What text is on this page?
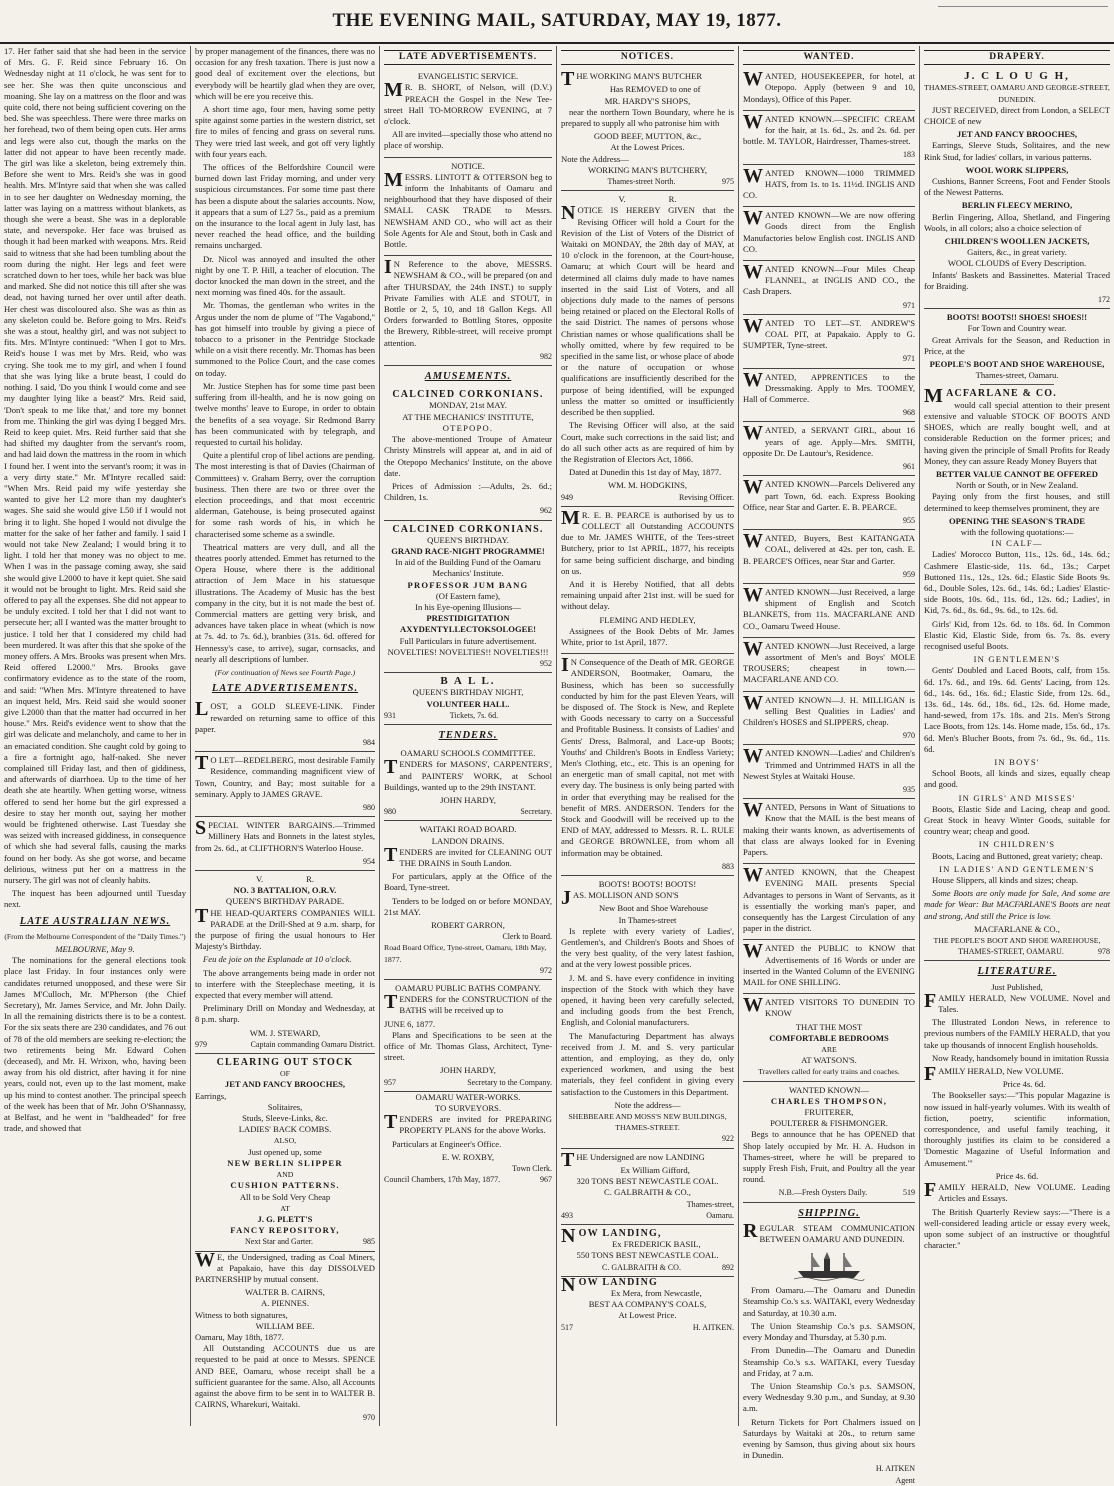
THE EVENING MAIL, SATURDAY, MAY 19, 1877.

17. Her father said that she had been in the service of Mrs. G. F. Reid since February 16. On Wednesday night at 11 o'clock, he was sent for to see her. She was then quite unconscious and moaning. She lay on a mattress on the floor and was quite cold, there not being sufficient covering on the bed. She was speechless. There were three marks on her forehead, two of them being open cuts. Her arms and legs were also cut, though the marks on the latter did not appear to have been recently made. The girl was like a skeleton, being extremely thin. Before she went to Mrs. Reid's she was in good health. Mrs. M'Intyre said that when she was called in to see her daughter on Wednesday morning, the latter was laying on a mattress without blankets, as though she were a beast. She was in a deplorable state, and neverspoke. Her face was bruised as though it had been marked with weapons. Mrs. Reid said to witness that she had been tumbling about the room during the night. Her legs and feet were scratched down to her toes, while her back was blue and marked. She did not notice this till after she was dead, not having turned her over until after death. Her chest was discoloured also. She was as thin as any skeleton could be. Before going to Mrs. Reid's she was a stout, healthy girl, and was not subject to fits. Mrs. M'Intyre continued: "When I got to Mrs. Reid's house I was met by Mrs. Reid, who was crying. She took me to my girl, and when I found that she was lying like a brute beast, I could do nothing. I said, 'Do you think I would come and see my daughter lying like a beast?' Mrs. Reid said, 'Don't speak to me like that,' and tore my bonnet from me. Thinking the girl was dying I begged Mrs. Reid to keep quiet. Mrs. Reid further said that she had shifted my daughter from the servant's room, and had laid down the mattress in the room in which I found her. I went into the servant's room; it was in a very dirty state." Mr. M'Intyre recalled said: "When Mrs. Reid paid my wife yesterday she wanted to give her L2 more than my daughter's wages. She said she would give L50 if I would not bring it to light. She hoped I would not divulge the matter for the sake of her father and family. I said I would not take New Zealand; I would bring it to light. I told her that money was no object to me. When I was in the passage coming away, she said she would give L2000 to have it kept quiet. She said it would not be brought to light. Mrs. Reid said she offered to pay all the expenses. She did not appear to be unduly excited. I told her that I did not want to persecute her; all I wanted was the matter brought to justice. I told her that I considered my child had been murdered. It was after this that she spoke of the money offers. A Mrs. Brooks was present when Mrs. Reid offered L2000." Mrs. Brooks gave confirmatory evidence as to the state of the room, and said: "When Mrs. M'Intyre threatened to have an inquest held, Mrs. Reid said she would sooner give L2000 than that the matter had occurred in her house." Mrs. Reid's evidence went to show that the girl was delicate and melancholy, and came to her in an emaciated condition. She caught cold by going to a fire a fortnight ago, half-naked. She never complained till Friday last, and then of giddiness, and afterwards of diarrhoea. Up to the time of her death she ate heartily. When getting worse, witness offered to send her home but the girl expressed a desire to stay her month out, saying her mother would be frightened otherwise. Last Tuesday she was seized with increased giddiness, in consequence of which she had several falls, causing the marks found on her body. As she got worse, and became delirious, witness put her on a mattress in the nursery. The girl was not of cleanly habits.

The inquest has been adjourned until Tuesday next.

LATE AUSTRALIAN NEWS.
(From the Melbourne Correspondent of the "Daily Times.")

MELBOURNE, May 9.

The nominations for the general elections took place last Friday. In four instances only were candidates returned unopposed, and these were Sir James M'Culloch, Mr. M'Pherson (the Chief Secretary), Mr. James Service, and Mr. John Daily. In all the remaining districts there is to be a contest. For the six seats there are 230 candidates, and 76 out of 78 of the old members are seeking re-election; the two retirements being Mr. Edward Cohen (deceased), and Mr. H. Wrixon, who, having been away from his old district, after having it for nine years, could not, even up to the last moment, make up his mind to contest another. The principal speech of the week has been that of Mr. John O'Shannassy, at Belfast, and he went in "baldheaded" for free trade, and showed that

by proper management of the finances, there was no occasion for any fresh taxation. There is just now a good deal of excitement over the elections, but everybody will be heartily glad when they are over, which will be ere you receive this.

A short time ago, four men, having some petty spite against some parties in the western district, set fire to miles of fencing and grass on several runs. They were tried last week, and got off very lightly with four years each.

The offices of the Belfordshire Council were burned down last Friday morning, and under very suspicious circumstances. For some time past there has been a dispute about the salaries accounts. Now, it appears that a sum of L27 5s., paid as a premium on the insurance to the local agent in July last, has never reached the head office, and the building remains uncharged.

Dr. Nicol was annoyed and insulted the other night by one T. P. Hill, a teacher of elocution. The doctor knocked the man down in the street, and the next morning was fined 40s. for the assault.

Mr. Thomas, the gentleman who writes in the Argus under the nom de plume of "The Vagabond," has got himself into trouble by giving a piece of tobacco to a prisoner in the Pentridge Stockade while on a visit there recently. Mr. Thomas has been summoned to the Police Court, and the case comes on today.

Mr. Justice Stephen has for some time past been suffering from ill-health, and he is now going on twelve months' leave to Europe, in order to obtain the benefits of a sea voyage. Sir Redmond Barry has been communicated with by telegraph, and requested to curtail his holiday.

Quite a plentiful crop of libel actions are pending. The most interesting is that of Davies (Chairman of Committees) v. Graham Berry, over the corruption business. Then there are two or three over the election proceedings, and that most eccentric alderman, Gatehouse, is being prosecuted against for some rash words of his, in which he characterised some scheme as a swindle.

Theatrical matters are very dull, and all the theatres poorly attended. Emmet has returned to the Opera House, where there is the additional attraction of Jem Mace in his statuesque illustrations. The Academy of Music has the best company in the city, but it is not made the best of. Commercial matters are getting very brisk, and advances have taken place in wheat (which is now at 7s. 4d. to 7s. 6d.), branbies (31s. 6d. offered for Hennessy's case, to arrive), sugar, cornsacks, and nearly all descriptions of lumber.

(For continuation of News see Fourth Page.)

LATE ADVERTISEMENTS.

LOST, a GOLD SLEEVE-LINK. Finder rewarded on returning same to office of this paper.

984

TO LET—REDELBERG, most desirable Family Residence, commanding magnificent view of Town, Country, and Bay; most suitable for a seminary. Apply to JAMES GRAVE.

980

SPECIAL WINTER BARGAINS.—Trimmed Millinery Hats and Bonnets in the latest styles, from 2s. 6d., at CLIFTHORN'S Waterloo House.

954

V.                    R.

NO. 3 BATTALION, O.R.V.

QUEEN'S BIRTHDAY PARADE.

THE HEAD-QUARTERS COMPANIES WILL PARADE at the Drill-Shed at 9 a.m. sharp, for the purpose of firing the usual honours to Her Majesty's Birthday.

Feu de joie on the Esplanade at 10 o'clock.

The above arrangements being made in order not to interfere with the Steeplechase meeting, it is expected that every member will attend.

Preliminary Drill on Monday and Wednesday, at 8 p.m. sharp.

WM. J. STEWARD,

979	Captain commanding Oamaru District.

CLEARING OUT STOCK

OF

JET AND FANCY BROOCHES,

Earrings,

Solitaires,

Studs, Sleeve-Links, &c.

LADIES' BACK COMBS.

ALSO,

Just opened up, some

NEW BERLIN SLIPPER

AND

CUSHION PATTERNS.

All to be Sold Very Cheap

AT

J. G. PLETT'S

FANCY REPOSITORY,

Next Star and Garter.	985

WE, the Undersigned, trading as Coal Miners, at Papakaio, have this day DISSOLVED PARTNERSHIP by mutual consent.

WALTER B. CAIRNS,

A. PIENNES.

Witness to both signatures,

WILLIAM BEE.

Oamaru, May 18th, 1877.

All Outstanding ACCOUNTS due us are requested to be paid at once to Messrs. SPENCE AND BEE, Oamaru, whose receipt shall be a sufficient guarantee for the same. Also, all Accounts against the above firm to be sent in to WALTER B. CAIRNS, Wharekuri, Waitaki.

970

LATE ADVERTISEMENTS.

EVANGELISTIC SERVICE.

MR. B. SHORT, of Nelson, will (D.V.) PREACH the Gospel in the New Tee-street Hall TO-MORROW EVENING, at 7 o'clock.

All are invited—specially those who attend no place of worship.

NOTICE.

MESSRS. LINTOTT & OTTERSON beg to inform the Inhabitants of Oamaru and neighbourhood that they have disposed of their SMALL CASK TRADE to Messrs. NEWSHAM AND CO., who will act as their Sole Agents for Ale and Stout, both in Cask and Bottle.

IN Reference to the above, MESSRS. NEWSHAM & CO., will be prepared (on and after THURSDAY, the 24th INST.) to supply Private Families with ALE and STOUT, in Bottle or 2, 5, 10, and 18 Gallon Kegs. All Orders forwarded to Bottling Stores, opposite the Brewery, Ribble-street, will receive prompt attention.

982

AMUSEMENTS.

CALCINED CORKONIANS.

MONDAY, 21st MAY.

AT THE MECHANICS' INSTITUTE,

OTEPOPO.

The above-mentioned Troupe of Amateur Christy Minstrels will appear at, and in aid of the Otepopo Mechanics' Institute, on the above date.

Prices of Admission :—Adults, 2s. 6d.; Children, 1s.

962

CALCINED CORKONIANS.

QUEEN'S BIRTHDAY.

GRAND RACE-NIGHT PROGRAMME!

In aid of the Building Fund of the Oamaru Mechanics' Institute.

PROFESSOR JUM BANG

(Of Eastern fame),

In his Eye-opening Illusions—

PRESTIDIGITATION

AXYDENTYLLECTOKSOLOGEE!

Full Particulars in future advertisement.

NOVELTIES! NOVELTIES!! NOVELTIES!!!

952

B A L L.

QUEEN'S BIRTHDAY NIGHT,

VOLUNTEER HALL.

931	Tickets, 7s. 6d.
TENDERS.

OAMARU SCHOOLS COMMITTEE.

TENDERS for MASONS', CARPENTERS', and PAINTERS' WORK, at School Buildings, wanted up to the 29th INSTANT.

JOHN HARDY,

980	Secretary.

WAITAKI ROAD BOARD.

LANDON DRAINS.

TENDERS are invited for CLEANING OUT THE DRAINS in South Landon.

For particulars, apply at the Office of the Board, Tyne-street.

Tenders to be lodged on or before MONDAY, 21st MAY.

ROBERT GARRON,

Clerk to Board.

Road Board Office, Tyne-street, Oamaru, 18th May, 1877.

972

OAMARU PUBLIC BATHS COMPANY.

TENDERS for the CONSTRUCTION of the BATHS will be received up to

JUNE 6, 1877.

Plans and Specifications to be seen at the office of Mr. Thomas Glass, Architect, Tyne-street.

JOHN HARDY,

957	Secretary to the Company.

OAMARU WATER-WORKS.

TO SURVEYORS.

TENDERS are invited for PREPARING PROPERTY PLANS for the above Works.

Particulars at Engineer's Office.

E. W. ROXBY,

Town Clerk.

Council Chambers, 17th May, 1877.	967
NOTICES.

THE WORKING MAN'S BUTCHER

Has REMOVED to one of

MR. HARDY'S SHOPS,

near the northern Town Boundary, where he is prepared to supply all who patronise him with

GOOD BEEF, MUTTON, &c.,

At the Lowest Prices.

Note the Address—

WORKING MAN'S BUTCHERY,

Thames-street North.	975

V.                    R.

NOTICE IS HEREBY GIVEN that the Revising Officer will hold a Court for the Revision of the List of Voters of the District of Waitaki on MONDAY, the 28th day of MAY, at 10 o'clock in the forenoon, at the Court-house, Oamaru; at which Court will be heard and determined all claims duly made to have names inserted in the said List of Voters, and all objections duly made to the names of persons being retained or placed on the Electoral Rolls of the said District. The names of persons whose Christian names or whose qualifications shall be wholly omitted, where by few required to be specified in the same list, or whose place of abode or the nature of occupation or whose qualifications are insufficiently described for the purpose of being identified, will be expunged unless the matter so omitted or insufficiently described be then supplied.

The Revising Officer will also, at the said Court, make such corrections in the said list; and do all such other acts as are required of him by the Registration of Electors Act, 1866.

Dated at Dunedin this 1st day of May, 1877.

WM. M. HODGKINS,

949	Revising Officer.

MR. E. B. PEARCE is authorised by us to COLLECT all Outstanding ACCOUNTS due to Mr. JAMES WHITE, of the Tees-street Butchery, prior to 1st APRIL, 1877, his receipts for same being sufficient discharge, and binding on us.

And it is Hereby Notified, that all debts remaining unpaid after 21st inst. will be sued for without delay.

FLEMING AND HEDLEY,

Assignees of the Book Debts of Mr. James White, prior to 1st April, 1877.

IN Consequence of the Death of MR. GEORGE ANDERSON, Bootmaker, Oamaru, the Business, which has been so successfully conducted by him for the past Eleven Years, will be disposed of. The Stock is New, and Replete with Goods necessary to carry on a Successful and Profitable Business. It consists of Ladies' and Gents' Dress, Balmoral, and Lace-up Boots; Youths' and Children's Boots in Endless Variety; Men's Clothing, etc., etc. This is an opening for an energetic man of small capital, not met with every day. The business is only being parted with in order that everything may be realised for the benefit of MRS. ANDERSON. Tenders for the Stock and Goodwill will be received up to the END of MAY, addressed to Messrs. R. L. RULE and GEORGE BROWNLEE, from whom all information may be obtained.

883

BOOTS! BOOTS! BOOTS!

JAS. MOLLISON AND SON'S

New Boot and Shoe Warehouse

In Thames-street

Is replete with every variety of Ladies', Gentlemen's, and Children's Boots and Shoes of the very best quality, of the very latest fashion, and at the very lowest possible prices.

J. M. and S. have every confidence in inviting inspection of the Stock with which they have opened, it having been very carefully selected, and including goods from the best French, English, and Colonial manufacturers.

The Manufacturing Department has always received from J. M. and S. very particular attention, and employing, as they do, only experienced workmen, and using the best materials, they feel confident in giving every satisfaction to the Customers in this Department.

Note the address—

SHEBBEARE AND MOSS'S NEW BUILDINGS, THAMES-STREET.

922

THE Undersigned are now LANDING

Ex William Gifford,

320 TONS BEST NEWCASTLE COAL.

C. GALBRAITH & CO.,

Thames-street,

493	Oamaru.

NOW LANDING,

Ex FREDERICK BASIL,

550 TONS BEST NEWCASTLE COAL.

C. GALBRAITH & CO.	892

NOW LANDING

Ex Mera, from Newcastle,

BEST AA COMPANY'S COALS,

At Lowest Price.

517	H. AITKEN.
WANTED.

WANTED, HOUSEKEEPER, for hotel, at Otepopo. Apply (between 9 and 10, Mondays), Office of this Paper.

WANTED KNOWN.—SPECIFIC CREAM for the hair, at 1s. 6d., 2s. and 2s. 6d. per bottle. M. TAYLOR, Hairdresser, Thames-street.

183

WANTED KNOWN—1000 TRIMMED HATS, from 1s. to 1s. 11½d. INGLIS AND CO.

WANTED KNOWN—We are now offering Goods direct from the English Manufactories below English cost. INGLIS AND CO.

WANTED KNOWN—Four Miles Cheap FLANNEL, at INGLIS AND CO., the Cash Drapers.

971

WANTED TO LET—ST. ANDREW'S COAL PIT, at Papakaio. Apply to G. SUMPTER, Tyne-street.

971

WANTED, APPRENTICES to the Dressmaking. Apply to Mrs. TOOMEY, Hall of Commerce.

968

WANTED, a SERVANT GIRL, about 16 years of age. Apply—Mrs. SMITH, opposite Dr. De Lautour's, Residence.

961

WANTED KNOWN—Parcels Delivered any part Town, 6d. each. Express Booking Office, near Star and Garter. E. B. PEARCE.

955

WANTED, Buyers, Best KAITANGATA COAL, delivered at 42s. per ton, cash. E. B. PEARCE'S Offices, near Star and Garter.

959

WANTED KNOWN—Just Received, a large shipment of English and Scotch BLANKETS, from 11s. MACFARLANE AND CO., Oamaru Tweed House.

WANTED KNOWN—Just Received, a large assortment of Men's and Boys' MOLE TROUSERS; cheapest in town.—MACFARLANE AND CO.

WANTED KNOWN—J. H. MILLIGAN is selling Best Qualities in Ladies' and Children's HOSES and SLIPPERS, cheap.

970

WANTED KNOWN—Ladies' and Children's Trimmed and Untrimmed HATS in all the Newest Styles at Waitaki House.

935

WANTED, Persons in Want of Situations to Know that the MAIL is the best means of making their wants known, as advertisements of that class are always looked for in Evening Papers.

WANTED KNOWN, that the Cheapest EVENING MAIL presents Special Advantages to persons in Want of Servants, as it is essentially the working man's paper, and consequently has the Largest Circulation of any paper in the district.

WANTED the PUBLIC to KNOW that Advertisements of 16 Words or under are inserted in the Wanted Column of the EVENING MAIL for ONE SHILLING.

WANTED VISITORS TO DUNEDIN TO KNOW

THAT THE MOST

COMFORTABLE BEDROOMS

ARE

AT WATSON'S.

Travellers called for early trains and coaches.

WANTED KNOWN—

CHARLES THOMPSON,

FRUITERER,

POULTERER & FISHMONGER.

Begs to announce that he has OPENED that Shop lately occupied by Mr. H. A. Hudson in Thames-street, where he will be prepared to supply Fresh Fish, Fruit, and Poultry all the year round.

N.B.—Fresh Oysters Daily.	519
SHIPPING.

REGULAR STEAM COMMUNICATION BETWEEN OAMARU AND DUNEDIN.

From Oamaru.—The Oamaru and Dunedin Steamship Co.'s s.s. WAITAKI, every Wednesday and Saturday, at 10.30 a.m.

The Union Steamship Co.'s p.s. SAMSON, every Monday and Thursday, at 5.30 p.m.

From Dunedin—The Oamaru and Dunedin Steamship Co.'s s.s. WAITAKI, every Tuesday and Friday, at 7 a.m.

The Union Steamship Co.'s p.s. SAMSON, every Wednesday 9.30 p.m., and Sunday, at 9.30 a.m.

Return Tickets for Port Chalmers issued on Saturdays by Waitaki at 20s., to return same evening by Samson, thus giving about six hours in Dunedin.

H. AITKEN

Agent

DRAPERY.

J. C L O U G H,

THAMES-STREET, OAMARU AND GEORGE-STREET, DUNEDIN.

JUST RECEIVED, direct from London, a SELECT CHOICE of new

JET AND FANCY BROOCHES,

Earrings, Sleeve Studs, Solitaires, and the new Rink Stud, for ladies' collars, in various patterns.

WOOL WORK SLIPPERS,

Cushions, Banner Screens, Foot and Fender Stools of the Newest Patterns.

BERLIN FLEECY MERINO,

Berlin Fingering, Alloa, Shetland, and Fingering Wools, in all colors; also a choice selection of

CHILDREN'S WOOLLEN JACKETS,

Gaiters, &c., in great variety.

WOOL CLOUDS of Every Description.

Infants' Baskets and Bassinettes. Material Traced for Braiding.

172

BOOTS! BOOTS!! SHOES! SHOES!!

For Town and Country wear.

Great Arrivals for the Season, and Reduction in Price, at the

PEOPLE'S BOOT AND SHOE WAREHOUSE,

Thames-street, Oamaru.

MACFARLANE & CO.

would call special attention to their present extensive and valuable STOCK OF BOOTS AND SHOES, which are really bought well, and at considerable Reduction on the former prices; and having given the principle of Small Profits for Ready Money, they can assure Ready Money Buyers that

BETTER VALUE CANNOT BE OFFERED

North or South, or in New Zealand.

Paying only from the first houses, and still determined to keep themselves prominent, they are

OPENING THE SEASON'S TRADE

with the following quotations:—

IN CALF—

Ladies' Morocco Button, 11s., 12s. 6d., 14s. 6d.; Cashmere Elastic-side, 11s. 6d., 13s.; Carpet Buttoned 11s., 12s., 12s. 6d.; Elastic Side Boots 9s. 6d., Double Soles, 12s. 6d., 14s. 6d.; Ladies' Elastic-side Boots, 10s. 6d., 11s. 6d., 12s. 6d.; Ladies', in Kid, 7s. 6d., 8s. 6d., 9s. 6d., to 12s. 6d.

Girls' Kid, from 12s. 6d. to 18s. 6d. In Common Elastic Kid, Elastic Side, from 6s. 7s. 8s. every recognised useful Boots.

IN GENTLEMEN'S

Gents' Doubled and Laced Boots, calf, from 15s. 6d. 17s. 6d., and 19s. 6d. Gents' Lacing, from 12s. 6d., 14s. 6d., 16s. 6d.; Elastic Side, from 12s. 6d., 13s. 6d., 14s. 6d., 18s. 6d., 12s. 6d. Home made, hand-sewed, from 17s. 18s. and 21s. Men's Strong Lace Boots, from 12s. 14s. Home made, 15s. 6d., 17s. 6d. Men's Blucher Boots, from 7s. 6d., 9s. 6d., 11s. 6d.

IN BOYS'

School Boots, all kinds and sizes, equally cheap and good.

IN GIRLS' AND MISSES'

Boots, Elastic Side and Lacing, cheap and good. Great Stock in heavy Winter Goods, suitable for country wear; cheap and good.

IN CHILDREN'S

Boots, Lacing and Buttoned, great variety; cheap.

IN LADIES' AND GENTLEMEN'S

House Slippers, all kinds and sizes; cheap.

Some Boots are only made for Sale, And some are made for Wear: But MACFARLANE'S Boots are neat and strong, And still the Price is low.

MACFARLANE & CO.,

THE PEOPLE'S BOOT AND SHOE WAREHOUSE,

THAMES-STREET, OAMARU.	978
LITERATURE.

Just Published,

FAMILY HERALD, New VOLUME. Novel and Tales.

The Illustrated London News, in reference to previous numbers of the FAMILY HERALD, that you take up thousands of innocent English households.

Now Ready, handsomely bound in imitation Russia

FAMILY HERALD, New VOLUME.

Price 4s. 6d.

The Bookseller says:—"This popular Magazine is now issued in half-yearly volumes. With its wealth of fiction, poetry, scientific information, correspondence, and useful family teaching, it thoroughly justifies its claim to be considered a 'Domestic Magazine of Useful Information and Amusement.'"

Price 4s. 6d.

FAMILY HERALD, New VOLUME. Leading Articles and Essays.

The British Quarterly Review says:—"There is a well-considered leading article or essay every week, upon some subject of an instructive or thoughtful character."
